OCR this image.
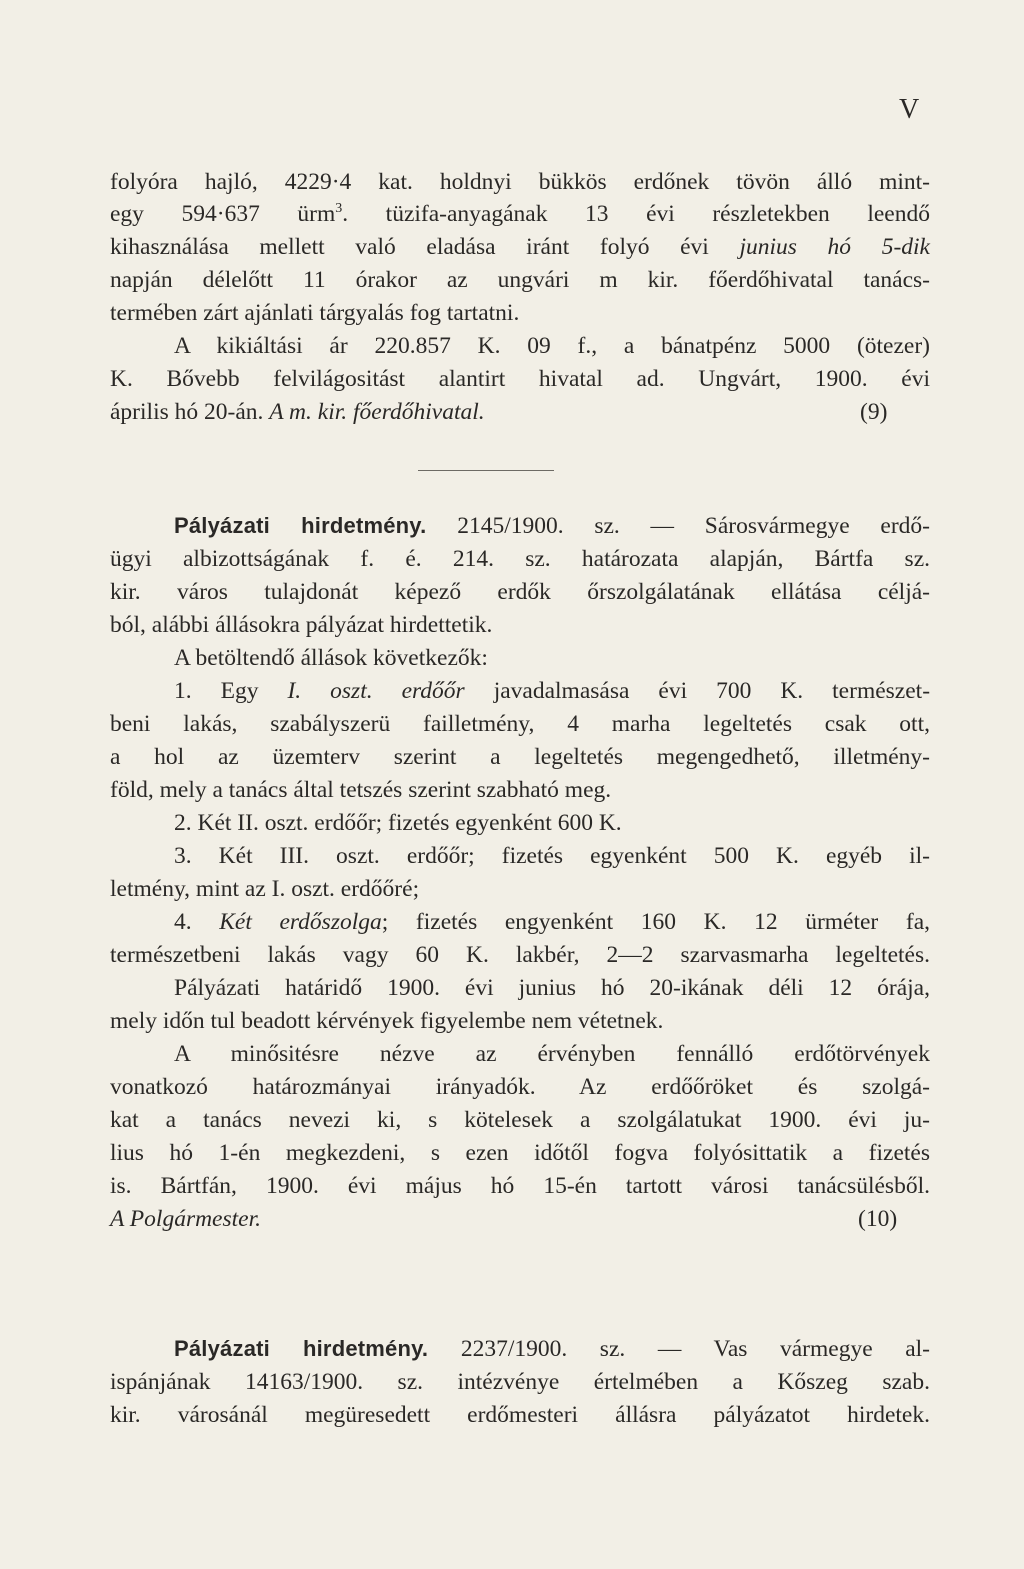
V
folyóra hajló, 4229·4 kat. holdnyi bükkös erdőnek tövön álló mint-
egy 594·637 ürm$^3$. tüzifa-anyagának 13 évi részletekben leendő
kihasználása mellett való eladása iránt folyó évi junius hó 5-dik
napján délelőtt 11 órakor az ungvári m kir. főerdőhivatal tanács-
termében zárt ajánlati tárgyalás fog tartatni.
A kikiáltási ár 220.857 K. 09 f., a bánatpénz 5000 (ötezer)
K. Bővebb felvilágositást alantirt hivatal ad. Ungvárt, 1900. évi
április hó 20-án. A m. kir. főerdőhivatal.	(9)
Pályázati hirdetmény. 2145/1900. sz. — Sárosvármegye erdő-
ügyi albizottságának f. é. 214. sz. határozata alapján, Bártfa sz.
kir. város tulajdonát képező erdők őrszolgálatának ellátása céljá-
ból, alábbi állásokra pályázat hirdettetik.
A betöltendő állások következők:
1. Egy I. oszt. erdőőr javadalmasása évi 700 K. természet-
beni lakás, szabályszerü failletmény, 4 marha legeltetés csak ott,
a hol az üzemterv szerint a legeltetés megengedhető, illetmény-
föld, mely a tanács által tetszés szerint szabható meg.
2. Két II. oszt. erdőőr; fizetés egyenként 600 K.
3. Két III. oszt. erdőőr; fizetés egyenként 500 K. egyéb il-
letmény, mint az I. oszt. erdőőré;
4. Két erdőszolga; fizetés engyenként 160 K. 12 ürméter fa,
természetbeni lakás vagy 60 K. lakbér, 2—2 szarvasmarha legeltetés.
Pályázati határidő 1900. évi junius hó 20-ikának déli 12 órája,
mely időn tul beadott kérvények figyelembe nem vétetnek.
A minősitésre nézve az érvényben fennálló erdőtörvények
vonatkozó határozmányai irányadók. Az erdőőröket és szolgá-
kat a tanács nevezi ki, s kötelesek a szolgálatukat 1900. évi ju-
lius hó 1-én megkezdeni, s ezen időtől fogva folyósittatik a fizetés
is. Bártfán, 1900. évi május hó 15-én tartott városi tanácsülésből.
A Polgármester.	(10)
Pályázati hirdetmény. 2237/1900. sz. — Vas vármegye al-
ispánjának 14163/1900. sz. intézvénye értelmében a Kőszeg szab.
kir. városánál megüresedett erdőmesteri állásra pályázatot hirdetek.
